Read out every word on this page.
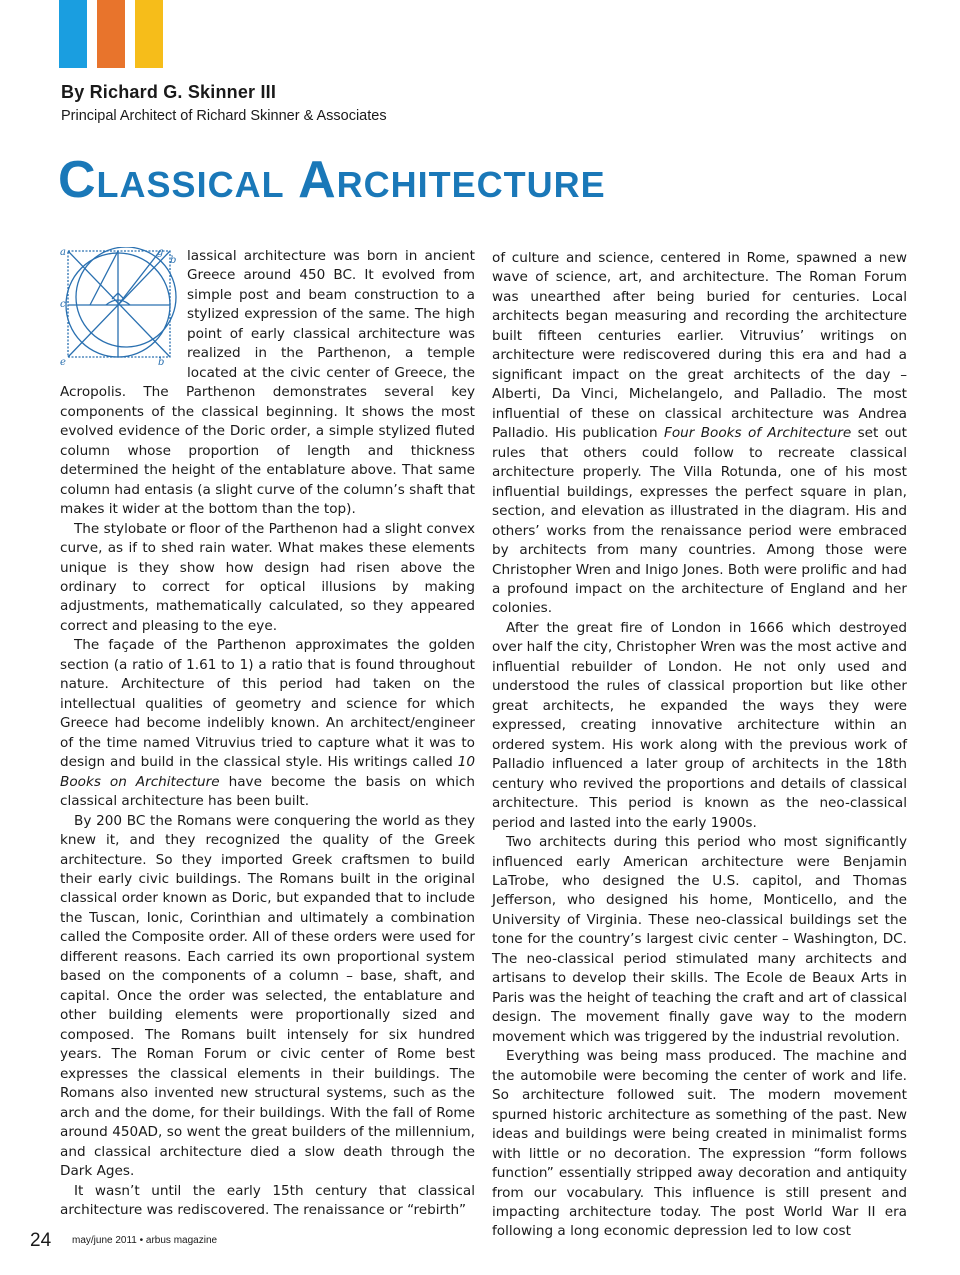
By Richard G. Skinner III
Principal Architect of Richard Skinner & Associates
Classical Architecture

a	g
b
c
e	b
lassical architecture was born in ancient Greece around 450 BC. It evolved from simple post and beam construction to a stylized expression of the same. The high point of early classical architecture was realized in the Parthenon, a temple located at the civic center of Greece, the Acropolis. The Parthenon demonstrates several key components of the classical beginning. It shows the most evolved evidence of the Doric order, a simple stylized fluted column whose proportion of length and thickness determined the height of the entablature above. That same column had entasis (a slight curve of the column’s shaft that makes it wider at the bottom than the top).

The stylobate or floor of the Parthenon had a slight convex curve, as if to shed rain water. What makes these elements unique is they show how design had risen above the ordinary to correct for optical illusions by making adjustments, mathematically calculated, so they appeared correct and pleasing to the eye.

The façade of the Parthenon approximates the golden section (a ratio of 1.61 to 1) a ratio that is found throughout nature. Architecture of this period had taken on the intellectual qualities of geometry and science for which Greece had become indelibly known. An architect/engineer of the time named Vitruvius tried to capture what it was to design and build in the classical style. His writings called 10 Books on Architecture have become the basis on which classical architecture has been built.

By 200 BC the Romans were conquering the world as they knew it, and they recognized the quality of the Greek architecture. So they imported Greek craftsmen to build their early civic buildings. The Romans built in the original classical order known as Doric, but expanded that to include the Tuscan, Ionic, Corinthian and ultimately a combination called the Composite order. All of these orders were used for different reasons. Each carried its own proportional system based on the components of a column – base, shaft, and capital. Once the order was selected, the entablature and other building elements were proportionally sized and composed. The Romans built intensely for six hundred years. The Roman Forum or civic center of Rome best expresses the classical elements in their buildings. The Romans also invented new structural systems, such as the arch and the dome, for their buildings. With the fall of Rome around 450AD, so went the great builders of the millennium, and classical architecture died a slow death through the Dark Ages.

It wasn’t until the early 15th century that classical architecture was rediscovered. The renaissance or “rebirth”

of culture and science, centered in Rome, spawned a new wave of science, art, and architecture. The Roman Forum was unearthed after being buried for centuries. Local architects began measuring and recording the architecture built fifteen centuries earlier. Vitruvius’ writings on architecture were rediscovered during this era and had a significant impact on the great architects of the day – Alberti, Da Vinci, Michelangelo, and Palladio. The most influential of these on classical architecture was Andrea Palladio. His publication Four Books of Architecture set out rules that others could follow to recreate classical architecture properly. The Villa Rotunda, one of his most influential buildings, expresses the perfect square in plan, section, and elevation as illustrated in the diagram. His and others’ works from the renaissance period were embraced by architects from many countries. Among those were Christopher Wren and Inigo Jones. Both were prolific and had a profound impact on the architecture of England and her colonies.

After the great fire of London in 1666 which destroyed over half the city, Christopher Wren was the most active and influential rebuilder of London. He not only used and understood the rules of classical proportion but like other great architects, he expanded the ways they were expressed, creating innovative architecture within an ordered system. His work along with the previous work of Palladio influenced a later group of architects in the 18th century who revived the proportions and details of classical architecture. This period is known as the neo-classical period and lasted into the early 1900s.

Two architects during this period who most significantly influenced early American architecture were Benjamin LaTrobe, who designed the U.S. capitol, and Thomas Jefferson, who designed his home, Monticello, and the University of Virginia. These neo-classical buildings set the tone for the country’s largest civic center – Washington, DC. The neo-classical period stimulated many architects and artisans to develop their skills. The Ecole de Beaux Arts in Paris was the height of teaching the craft and art of classical design. The movement finally gave way to the modern movement which was triggered by the industrial revolution.

Everything was being mass produced. The machine and the automobile were becoming the center of work and life. So architecture followed suit. The modern movement spurned historic architecture as something of the past. New ideas and buildings were being created in minimalist forms with little or no decoration. The expression “form follows function” essentially stripped away decoration and antiquity from our vocabulary. This influence is still present and impacting architecture today. The post World War II era following a long economic depression led to low cost

24 may/june 2011 • arbus magazine
